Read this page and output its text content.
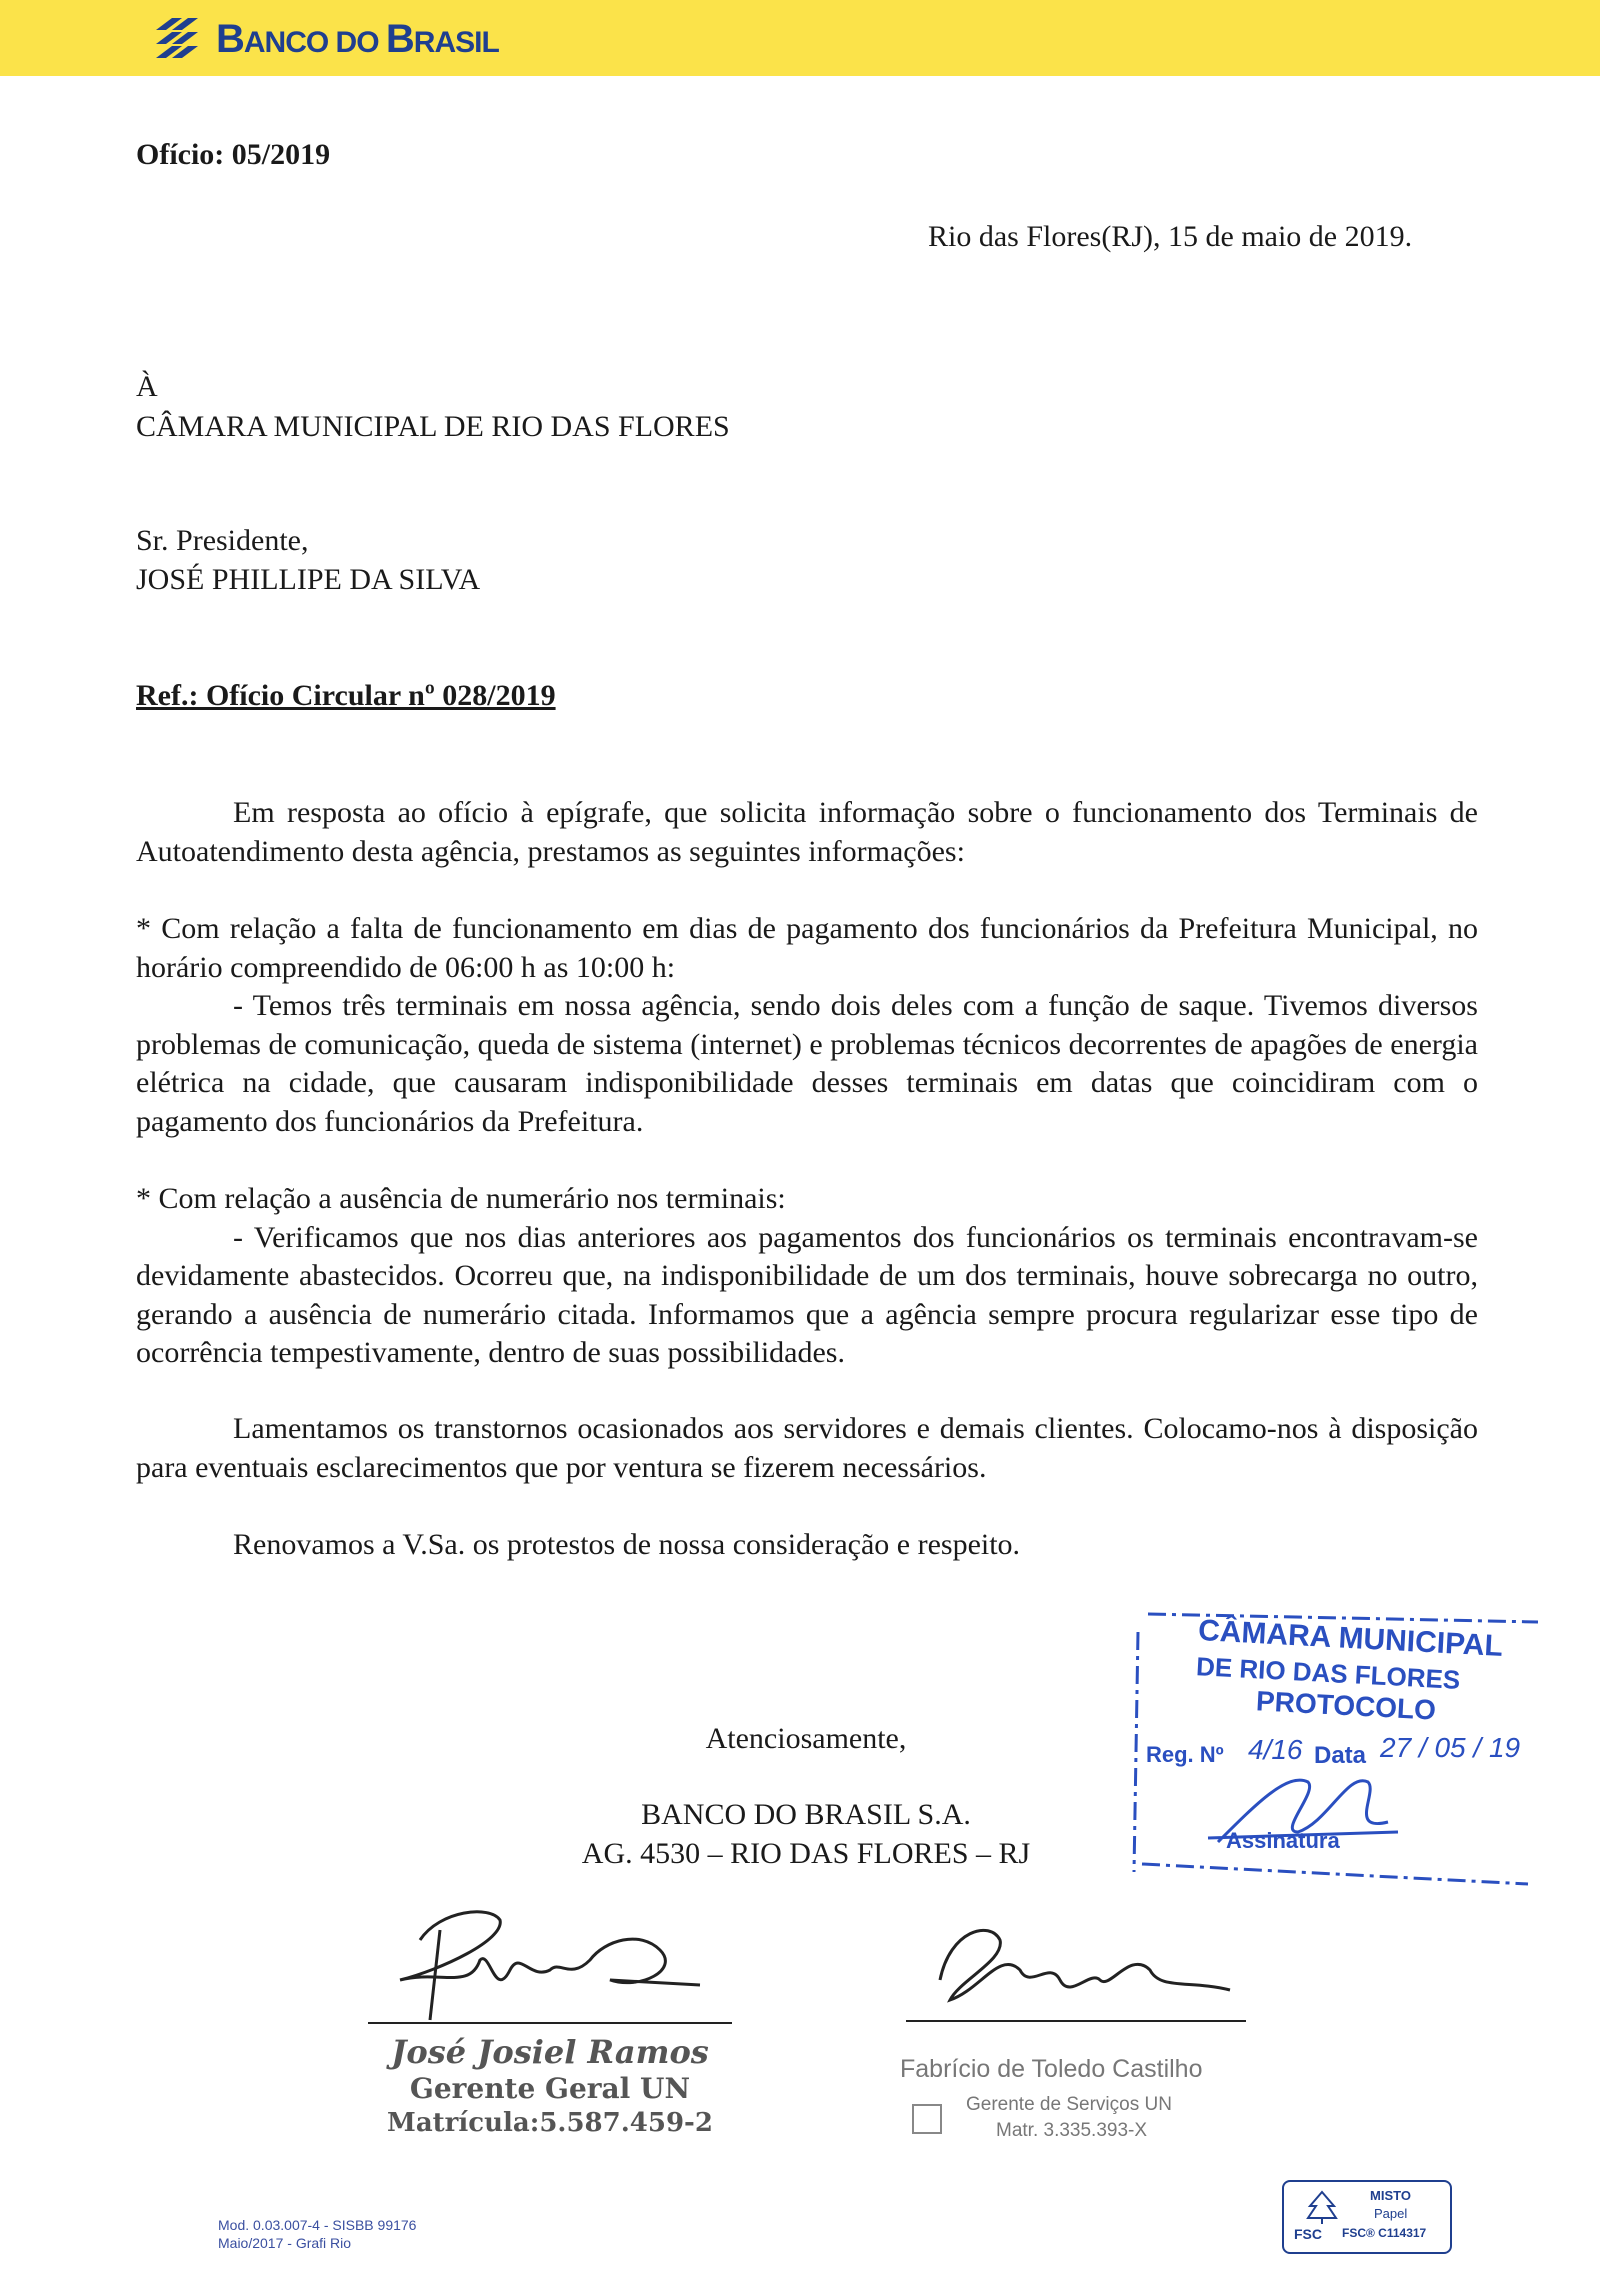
BANCO DO BRASIL
Ofício: 05/2019
Rio das Flores(RJ), 15 de maio de 2019.
À
CÂMARA MUNICIPAL DE RIO DAS FLORES
Sr. Presidente,
JOSÉ PHILLIPE DA SILVA
Ref.: Ofício Circular nº 028/2019
Em resposta ao ofício à epígrafe, que solicita informação sobre o funcionamento dos Terminais de Autoatendimento desta agência, prestamos as seguintes informações:
* Com relação a falta de funcionamento em dias de pagamento dos funcionários da Prefeitura Municipal, no horário compreendido de 06:00 h as 10:00 h:
- Temos três terminais em nossa agência, sendo dois deles com a função de saque. Tivemos diversos problemas de comunicação, queda de sistema (internet) e problemas técnicos decorrentes de apagões de energia elétrica na cidade, que causaram indisponibilidade desses terminais em datas que coincidiram com o pagamento dos funcionários da Prefeitura.
* Com relação a ausência de numerário nos terminais:
- Verificamos que nos dias anteriores aos pagamentos dos funcionários os terminais encontravam-se devidamente abastecidos. Ocorreu que, na indisponibilidade de um dos terminais, houve sobrecarga no outro, gerando a ausência de numerário citada. Informamos que a agência sempre procura regularizar esse tipo de ocorrência tempestivamente, dentro de suas possibilidades.
Lamentamos os transtornos ocasionados aos servidores e demais clientes. Colocamo-nos à disposição para eventuais esclarecimentos que por ventura se fizerem necessários.
Renovamos a V.Sa. os protestos de nossa consideração e respeito.
Atenciosamente,
BANCO DO BRASIL S.A.
AG. 4530 – RIO DAS FLORES – RJ
CÂMARA MUNICIPAL
DE RIO DAS FLORES
PROTOCOLO
Reg. Nº 4/16 Data 27 / 05 / 19
Assinatura
José Josiel Ramos
Gerente Geral UN
Matrícula:5.587.459-2
Fabrício de Toledo Castilho
Gerente de Serviços UN
Matr. 3.335.393-X
Mod. 0.03.007-4 - SISBB 99176
Maio/2017 - Grafi Rio
FSC
MISTO
Papel
FSC® C114317
